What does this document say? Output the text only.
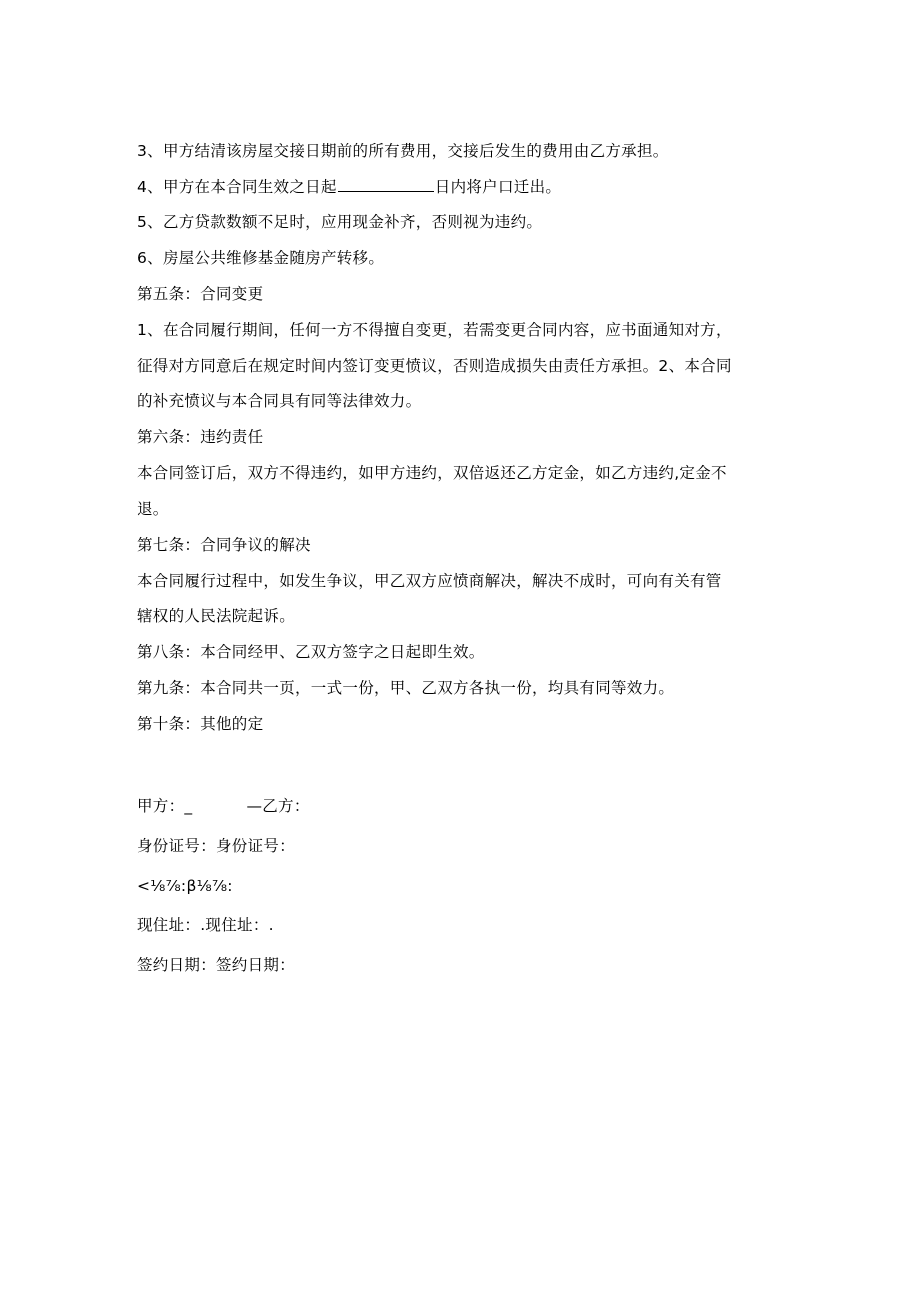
3、甲方结清该房屋交接日期前的所有费用，交接后发生的费用由乙方承担。
4、甲方在本合同生效之日起	日内将户口迁出。
5、乙方贷款数额不足时，应用现金补齐，否则视为违约。
6、房屋公共维修基金随房产转移。
第五条：合同变更
1、在合同履行期间，任何一方不得擅自变更，若需变更合同内容，应书面通知对方，
征得对方同意后在规定时间内签订变更愤议，否则造成损失由责任方承担。2、本合同
的补充愤议与本合同具有同等法律效力。
第六条：违约责任
本合同签订后，双方不得违约，如甲方违约，双倍返还乙方定金，如乙方违约,定金不
退。
第七条：合同争议的解决
本合同履行过程中，如发生争议，甲乙双方应愤商解决，解决不成时，可向有关有管
辖权的人民法院起诉。
第八条：本合同经甲、乙双方签字之日起即生效。
第九条：本合同共一页，一式一份，甲、乙双方各执一份，均具有同等效力。
第十条：其他的定
甲方：_	—乙方：
身份证号：身份证号：
<⅛⅞:β⅛⅞:
现住址：.现住址：.
签约日期：签约日期：
